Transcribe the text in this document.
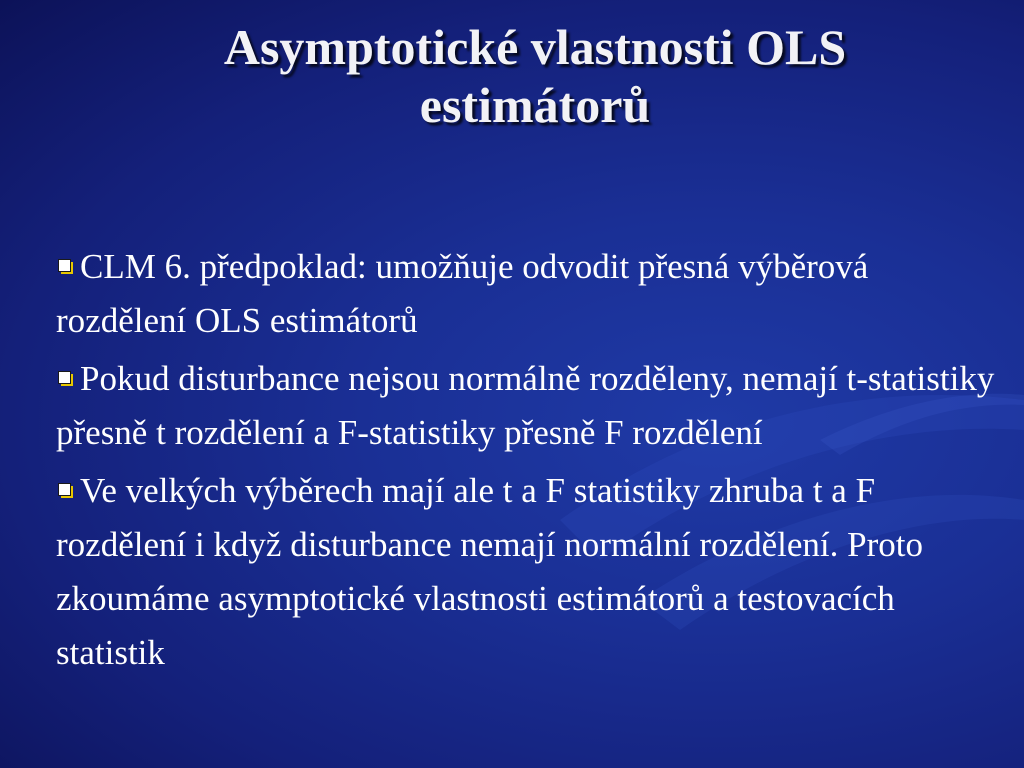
Asymptotické vlastnosti OLS
estimátorů
CLM 6. předpoklad: umožňuje odvodit přesná výběrová rozdělení OLS estimátorů
Pokud disturbance nejsou normálně rozděleny, nemají t-statistiky přesně t rozdělení a F-statistiky přesně F rozdělení
Ve velkých výběrech mají ale t a F statistiky zhruba t a F rozdělení i když disturbance nemají normální rozdělení. Proto zkoumáme asymptotické vlastnosti estimátorů a testovacích statistik
